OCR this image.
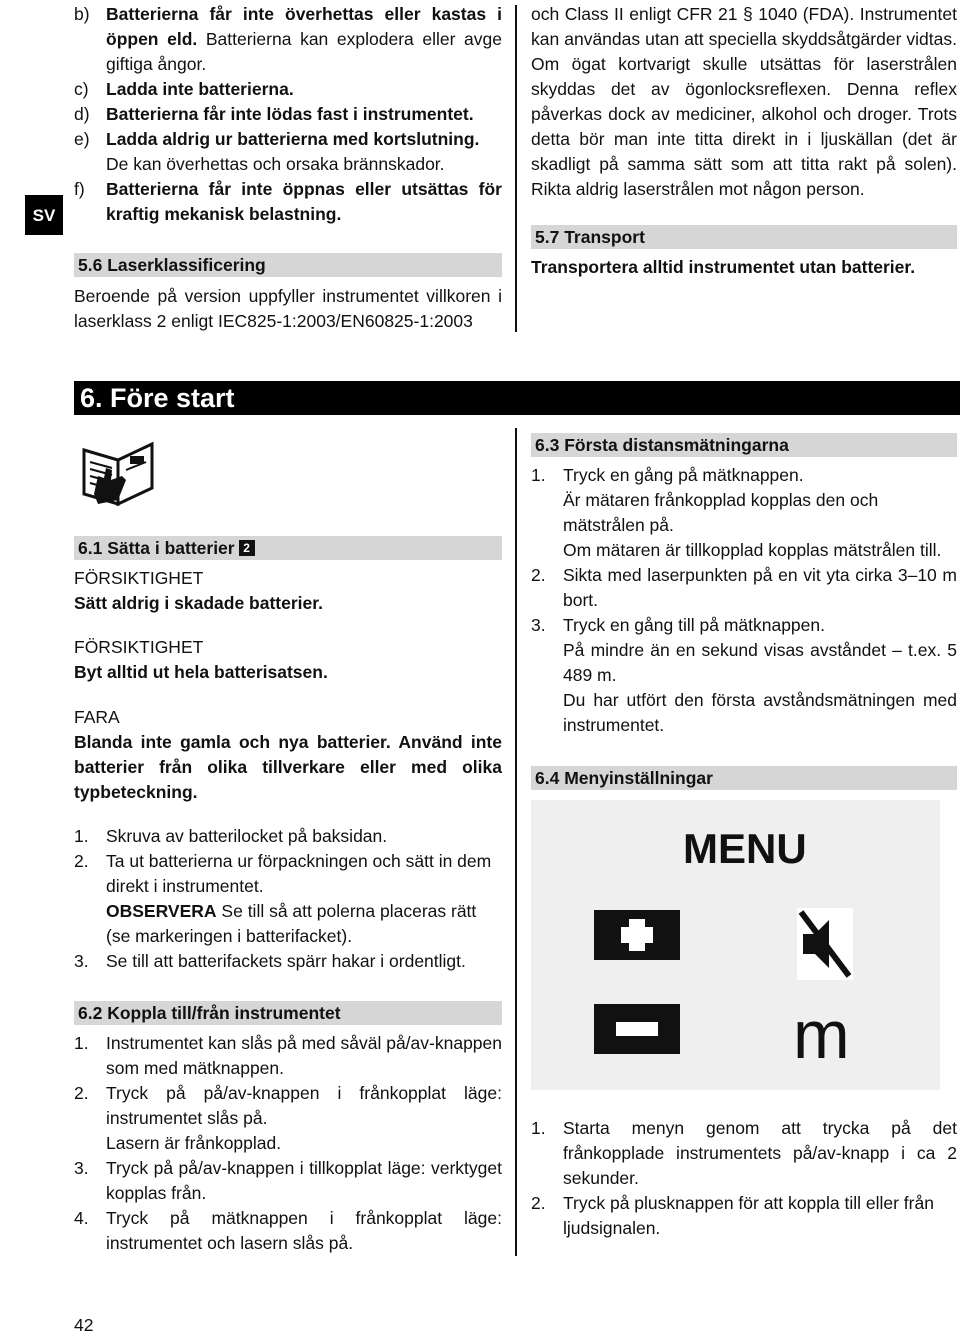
SV
b) Batterierna får inte överhettas eller kastas i öppen eld. Batterierna kan explodera eller avge giftiga ångor.
c) Ladda inte batterierna.
d) Batterierna får inte lödas fast i instrumentet.
e) Ladda aldrig ur batterierna med kortslutning. De kan överhettas och orsaka brännskador.
f)	Batterierna får inte öppnas eller utsättas för kraftig mekanisk belastning.
5.6 Laserklassificering

Beroende på version uppfyller instrumentet villkoren i laserklass 2 enligt IEC825-1:2003/EN60825-1:2003

och Class II enligt CFR 21 § 1040 (FDA). Instrumentet kan användas utan att speciella skyddsåtgärder vidtas. Om ögat kortvarigt skulle utsättas för laserstrålen skyddas det av ögonlocksreflexen. Denna reflex påverkas dock av mediciner, alkohol och droger. Trots detta bör man inte titta direkt in i ljuskällan (det är skadligt på samma sätt som att titta rakt på solen). Rikta aldrig laserstrålen mot någon person.

5.7 Transport

Transportera alltid instrumentet utan batterier.

6. Före start
6.1 Sätta i batterier 2
FÖRSIKTIGHET
Sätt aldrig i skadade batterier.
FÖRSIKTIGHET
Byt alltid ut hela batterisatsen.
FARA
Blanda inte gamla och nya batterier. Använd inte batterier från olika tillverkare eller med olika typbeteckning.
1. Skruva av batterilocket på baksidan.
2. Ta ut batterierna ur förpackningen och sätt in dem direkt i instrumentet.
OBSERVERA Se till så att polerna placeras rätt (se markeringen i batterifacket).
3. Se till att batterifackets spärr hakar i ordentligt.
6.2 Koppla till/från instrumentet
1. Instrumentet kan slås på med såväl på/av-knappen som med mätknappen.
2. Tryck på på/av-knappen i frånkopplat läge: instrumentet slås på.
Lasern är frånkopplad.
3. Tryck på på/av-knappen i tillkopplat läge: verktyget kopplas från.
4. Tryck på mätknappen i frånkopplat läge: instrumentet och lasern slås på.
6.3 Första distansmätningarna
1. Tryck en gång på mätknappen.
Är mätaren frånkopplad kopplas den och mätstrålen på.
Om mätaren är tillkopplad kopplas mätstrålen till.
2. Sikta med laserpunkten på en vit yta cirka 3–10 m bort.
3. Tryck en gång till på mätknappen.
På mindre än en sekund visas avståndet – t.ex. 5 489 m.
Du har utfört den första avståndsmätningen med instrumentet.
6.4 Menyinställningar
MENU
m
1. Starta menyn genom att trycka på det frånkopplade instrumentets på/av-knapp i ca 2 sekunder.
2. Tryck på plusknappen för att koppla till eller från ljudsignalen.
42
